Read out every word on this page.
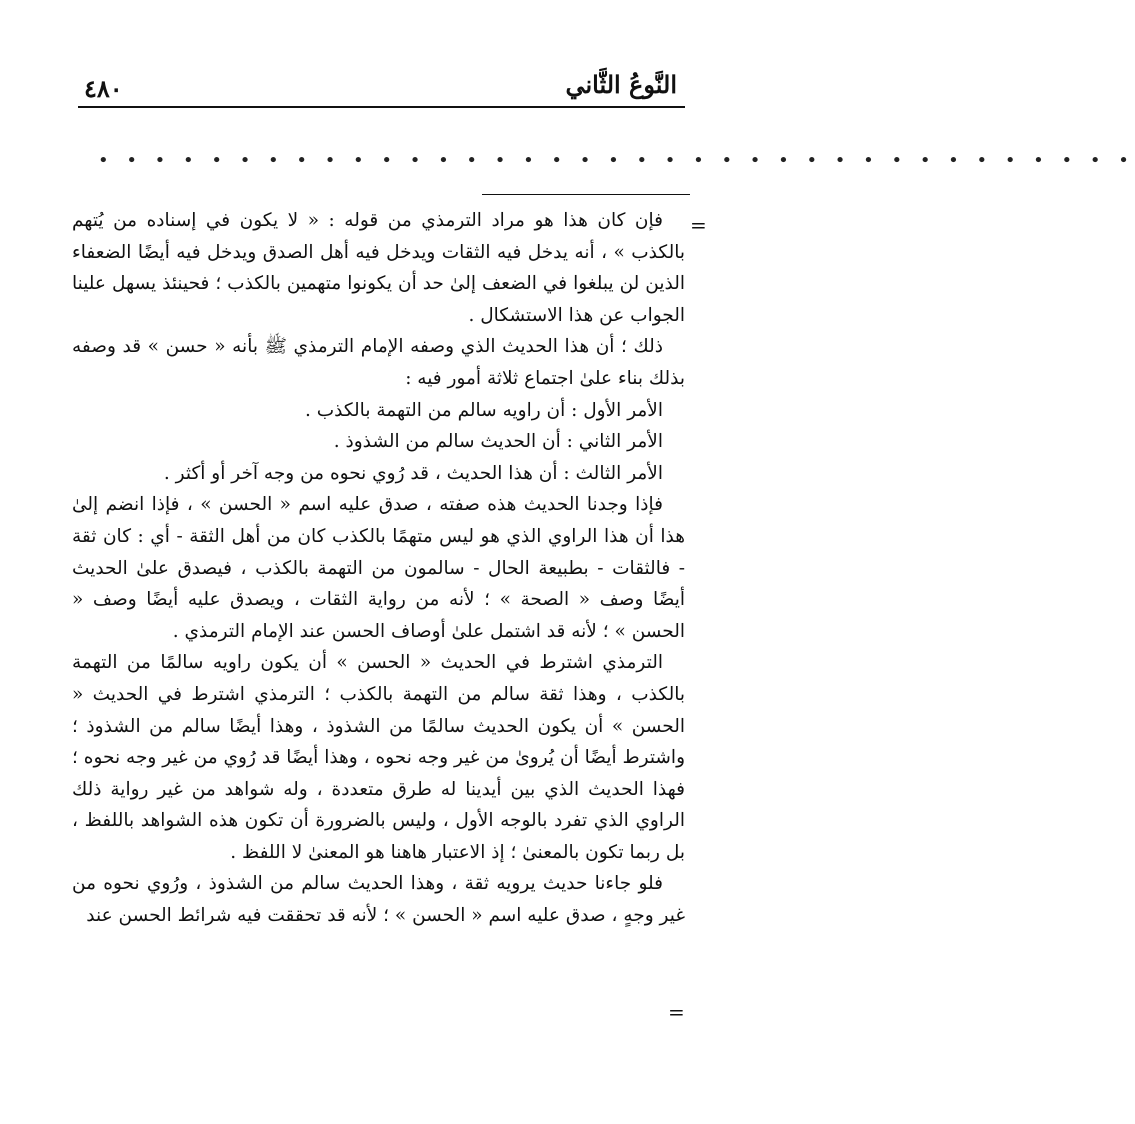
٤٨٠	النَّوعُ الثَّاني
• • • • • • • • • • • • • • • • • • • • • • • • • • • • • • • • • • • • •
=

فإن كان هذا هو مراد الترمذي من قوله : « لا يكون في إسناده من يُتهم بالكذب » ، أنه يدخل فيه الثقات ويدخل فيه أهل الصدق ويدخل فيه أيضًا الضعفاء الذين لن يبلغوا في الضعف إلىٰ حد أن يكونوا متهمين بالكذب ؛ فحينئذ يسهل علينا الجواب عن هذا الاستشكال .

ذلك ؛ أن هذا الحديث الذي وصفه الإمام الترمذي ﷺ بأنه « حسن » قد وصفه بذلك بناء علىٰ اجتماع ثلاثة أمور فيه :

الأمر الأول : أن راويه سالم من التهمة بالكذب .

الأمر الثاني : أن الحديث سالم من الشذوذ .

الأمر الثالث : أن هذا الحديث ، قد رُوي نحوه من وجه آخر أو أكثر .

فإذا وجدنا الحديث هذه صفته ، صدق عليه اسم « الحسن » ، فإذا انضم إلىٰ هذا أن هذا الراوي الذي هو ليس متهمًا بالكذب كان من أهل الثقة - أي : كان ثقة - فالثقات - بطبيعة الحال - سالمون من التهمة بالكذب ، فيصدق علىٰ الحديث أيضًا وصف « الصحة » ؛ لأنه من رواية الثقات ، ويصدق عليه أيضًا وصف « الحسن » ؛ لأنه قد اشتمل علىٰ أوصاف الحسن عند الإمام الترمذي .

الترمذي اشترط في الحديث « الحسن » أن يكون راويه سالمًا من التهمة بالكذب ، وهذا ثقة سالم من التهمة بالكذب ؛ الترمذي اشترط في الحديث « الحسن » أن يكون الحديث سالمًا من الشذوذ ، وهذا أيضًا سالم من الشذوذ ؛ واشترط أيضًا أن يُروىٰ من غير وجه نحوه ، وهذا أيضًا قد رُوي من غير وجه نحوه ؛ فهذا الحديث الذي بين أيدينا له طرق متعددة ، وله شواهد من غير رواية ذلك الراوي الذي تفرد بالوجه الأول ، وليس بالضرورة أن تكون هذه الشواهد باللفظ ، بل ربما تكون بالمعنىٰ ؛ إذ الاعتبار هاهنا هو المعنىٰ لا اللفظ .

فلو جاءنا حديث يرويه ثقة ، وهذا الحديث سالم من الشذوذ ، ورُوي نحوه من غير وجهٍ ، صدق عليه اسم « الحسن » ؛ لأنه قد تحققت فيه شرائط الحسن عند

=
